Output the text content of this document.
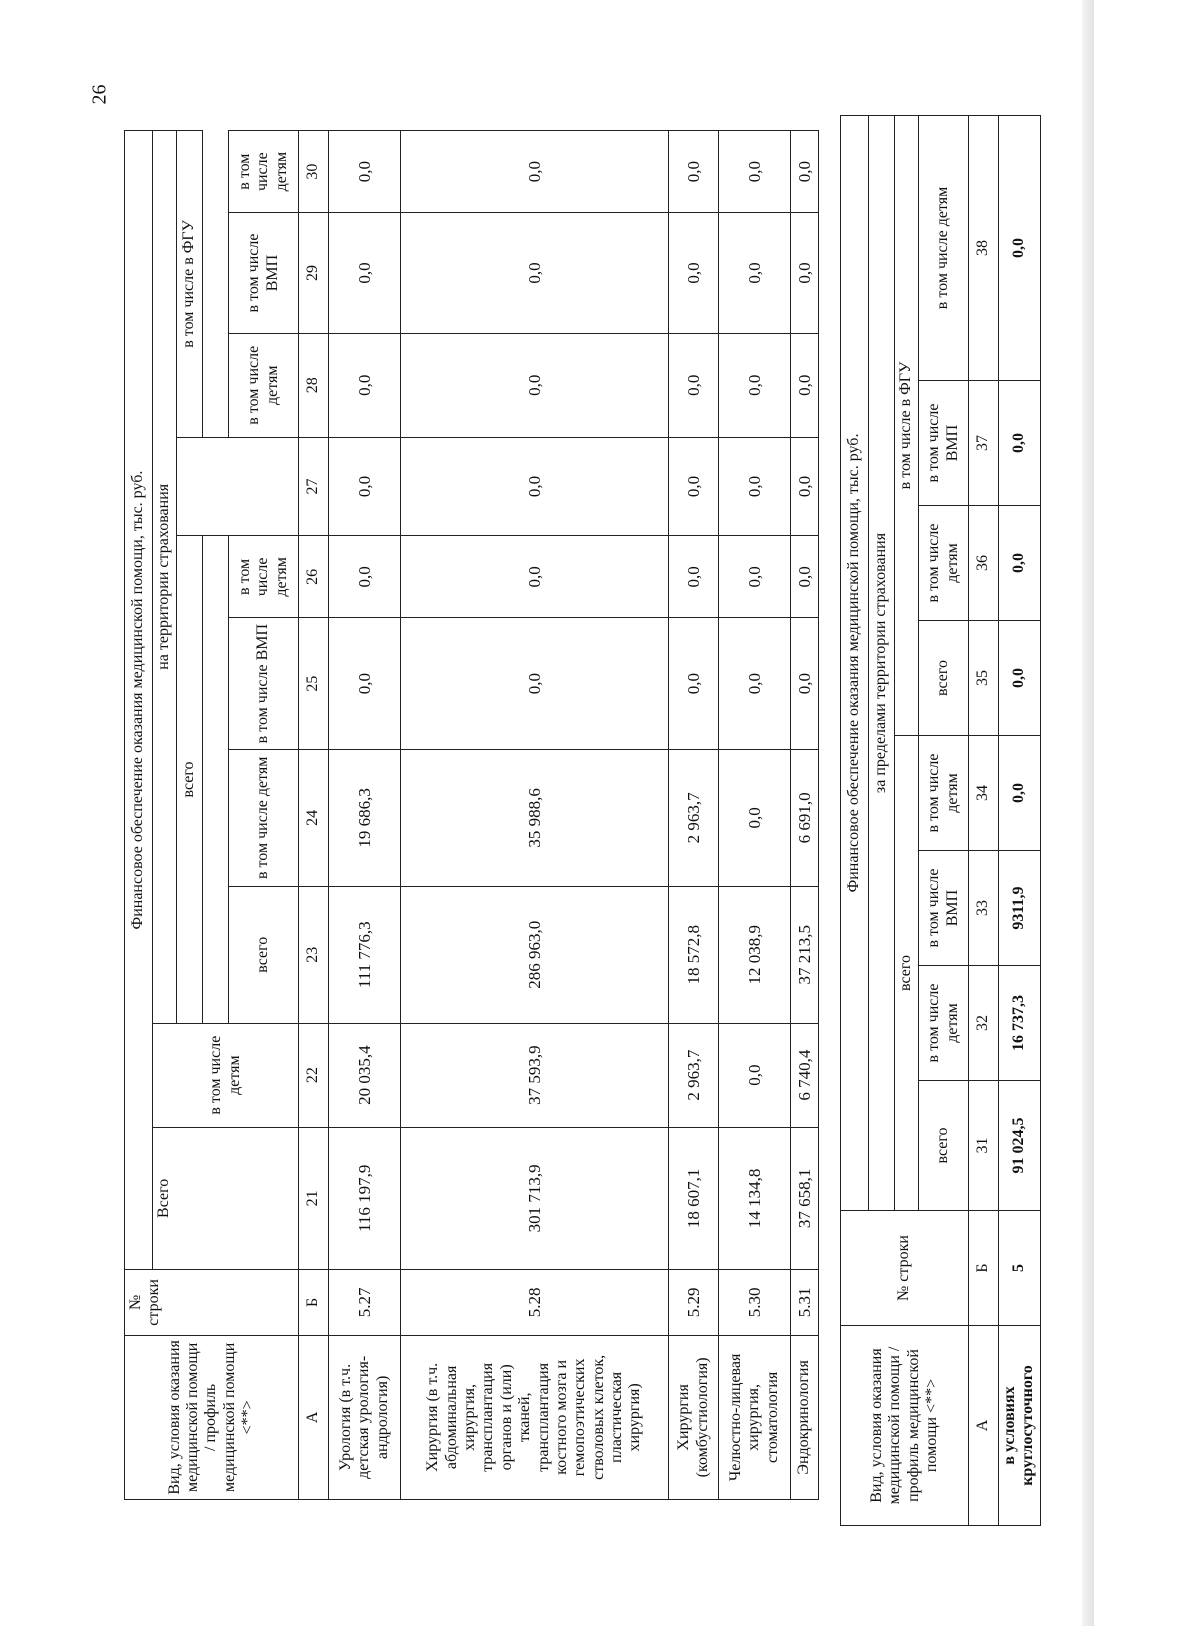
26
Вид, условия оказания медицинской помощи / профиль медицинской помощи <**>	№ строки	Финансовое обеспечение оказания медицинской помощи, тыс. руб.									
		Всего	в том числе детям	на территории страхования							
				всего					в том числе в ФГУ		

				всего	в том числе детям	в том числе ВМП	в том числе детям		в том числе детям	в том числе ВМП	в том числе детям
А	Б	21	22	23	24	25	26	27	28	29	30
Урология (в т.ч. детская урология-андрология)	5.27	116 197,9	20 035,4	111 776,3	19 686,3	0,0	0,0	0,0	0,0	0,0	0,0
Хирургия (в т.ч. абдоминальная хирургия, трансплантация органов и (или) тканей, трансплантация костного мозга и гемопоэтических стволовых клеток, пластическая хирургия)	5.28	301 713,9	37 593,9	286 963,0	35 988,6	0,0	0,0	0,0	0,0	0,0	0,0
Хирургия (комбустиология)	5.29	18 607,1	2 963,7	18 572,8	2 963,7	0,0	0,0	0,0	0,0	0,0	0,0
Челюстно-лицевая хирургия, стоматология	5.30	14 134,8	0,0	12 038,9	0,0	0,0	0,0	0,0	0,0	0,0	0,0
Эндокринология	5.31	37 658,1	6 740,4	37 213,5	6 691,0	0,0	0,0	0,0	0,0	0,0	0,0
Вид, условия оказания медицинской помощи / профиль медицинской помощи <**>	№ строки	Финансовое обеспечение оказания медицинской помощи, тыс. руб.							
		за пределами территории страхования							
		всего				в том числе в ФГУ			

		всего	в том числе детям	в том числе ВМП	в том числе детям	всего	в том числе детям	в том числе ВМП	в том числе детям
А	Б	31	32	33	34	35	36	37	38
в условиях круглосуточного	5	91 024,5	16 737,3	9311,9	0,0	0,0	0,0	0,0	0,0
